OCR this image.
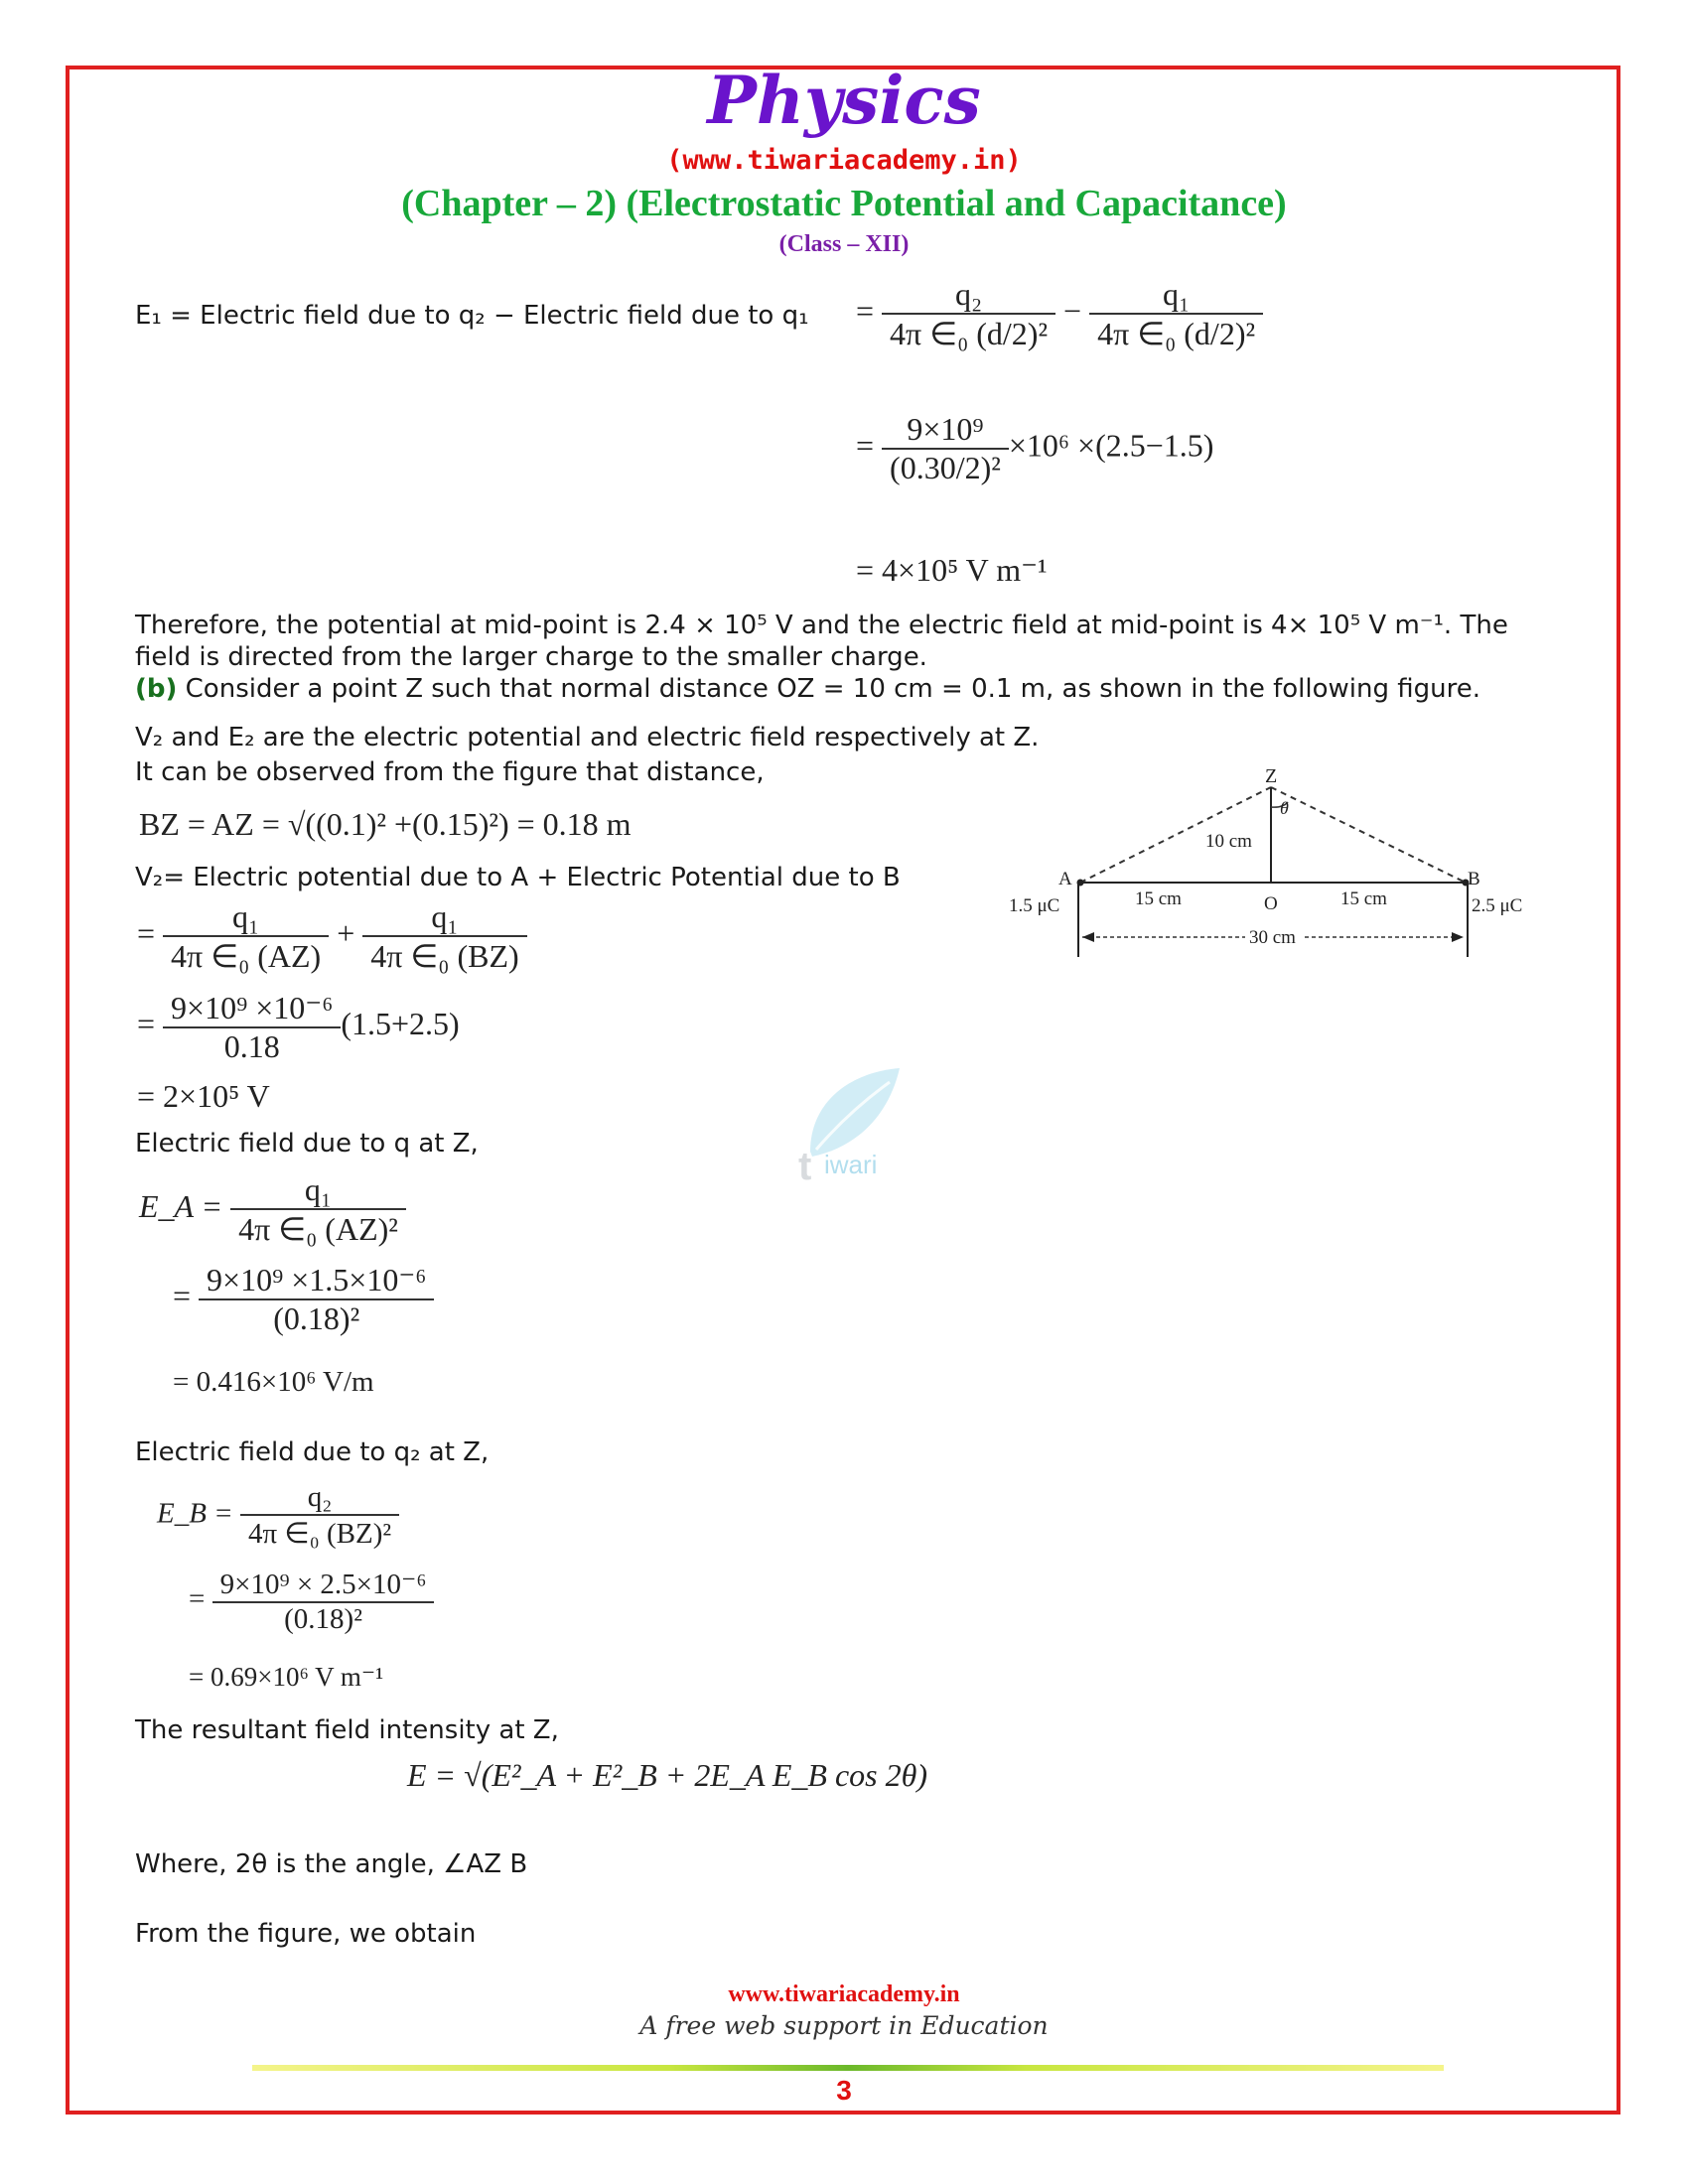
Physics
(www.tiwariacademy.in)
(Chapter – 2) (Electrostatic Potential and Capacitance)
(Class – XII)
E₁ = Electric field due to q₂ − Electric field due to $q_1 = \frac{\text{q₂}}{\text{4π ∈₀ (d/2)²}} - \frac{\text{q₁}}{\text{4π ∈₀ (d/2)²}}$
= $\frac{\text{9×10⁹}}{\text{(0.30/2)²}} \times 10^6 \times(2.5-1.5)$
= 4×10⁵ V m⁻¹
Therefore, the potential at mid-point is 2.4 × 10⁵ V and the electric field at mid-point is 4× 10⁵ V m⁻¹. The field is directed from the larger charge to the smaller charge.
(b) Consider a point Z such that normal distance OZ = 10 cm = 0.1 m, as shown in the following figure.
V₂ and E₂ are the electric potential and electric field respectively at Z.
It can be observed from the figure that distance,
BZ = AZ = √((0.1)² +(0.15)²) = 0.18 m
V₂= Electric potential due to A + Electric Potential due to B
= $\frac{\text{q₁}}{\text{4π ∈₀ (AZ)}} + \frac{\text{q₁}}{\text{4π ∈₀ (BZ)}}$
= $\frac{\text{9×10⁹ ×10⁻⁶}}{0.18} (1.5+2.5)$
= 2×10⁵ V
Electric field due to q at Z,
E_A = $\frac{\text{q₁}}{\text{4π ∈₀ (AZ)²}}$
= $\frac{\text{9×10⁹ ×1.5×10⁻⁶}}{\text{(0.18)²}}$
= 0.416×10⁶ V/m
Electric field due to q₂ at Z,
E_B = $\frac{\text{q₂}}{\text{4π ∈₀ (BZ)²}}$
= $\frac{\text{9×10⁹ × 2.5×10⁻⁶}}{\text{(0.18)²}}$
= 0.69×10⁶ V m⁻¹
The resultant field intensity at Z,
E = √(E²_A + E²_B + 2E_A E_B cos 2θ)
Where, 2θ is the angle, ∠AZ B
From the figure, we obtain
t iwari
Z
θ
10 cm
A	B
O
15 cm	15 cm
1.5 μC	2.5 μC
30 cm
www.tiwariacademy.in
A free web support in Education
3
